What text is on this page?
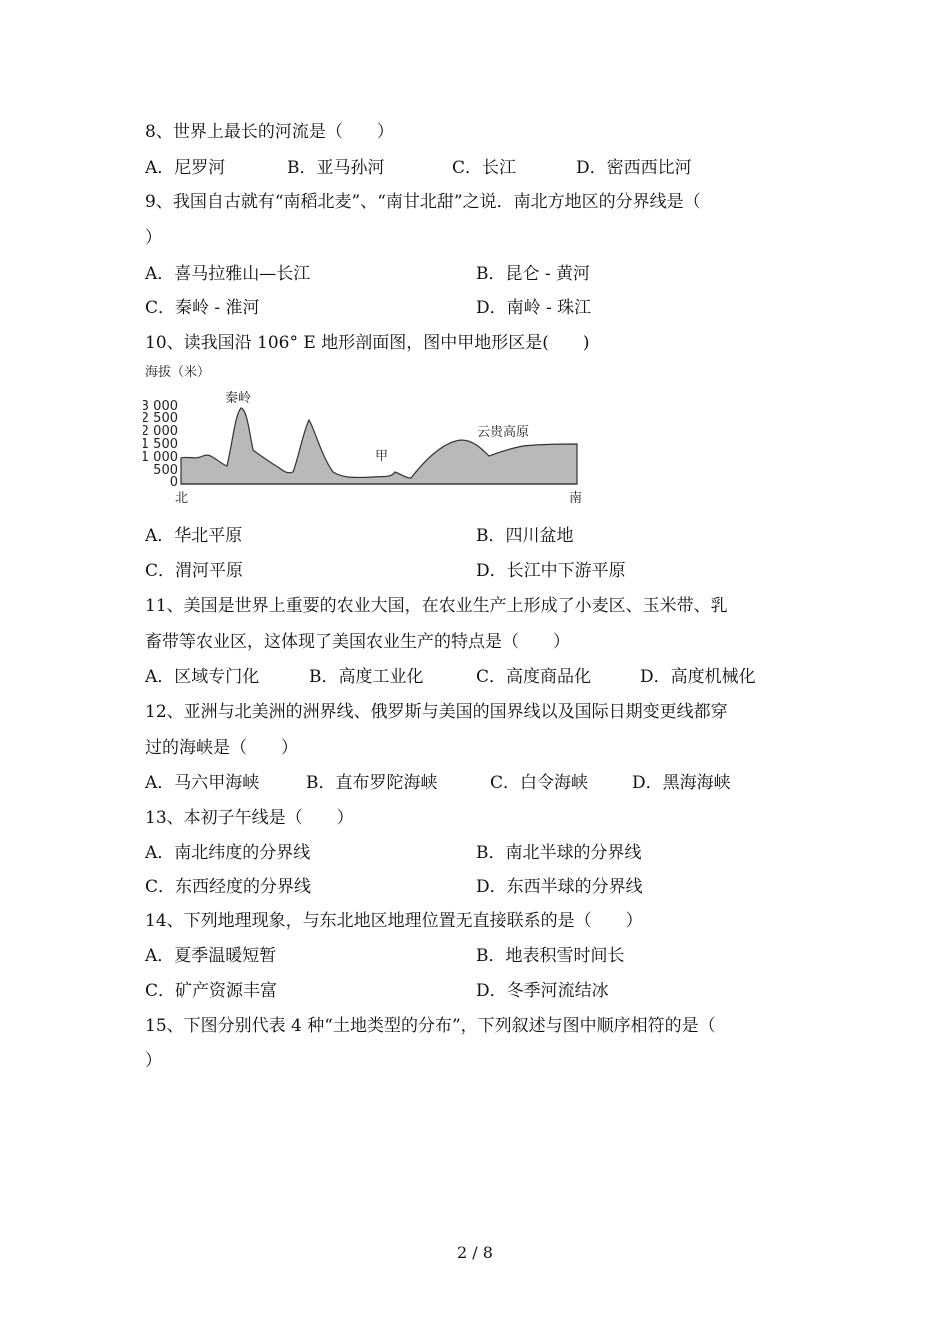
8、世界上最长的河流是（　　）
A．尼罗河	B．亚马孙河	C．长江	D．密西西比河
9、我国自古就有“南稻北麦”、“南甘北甜”之说．南北方地区的分界线是（
）
A．喜马拉雅山—长江	B．昆仑 - 黄河
C．秦岭 - 淮河	D．南岭 - 珠江
10、读我国沿 106° E 地形剖面图，图中甲地形区是(　　)
海拔（米）
3 000
2 500
2 000
1 500
1 000
500
0
秦岭
甲
云贵高原
北	南
A．华北平原	B．四川盆地
C．渭河平原	D．长江中下游平原
11、美国是世界上重要的农业大国，在农业生产上形成了小麦区、玉米带、乳
畜带等农业区，这体现了美国农业生产的特点是（　　）
A．区域专门化	B．高度工业化	C．高度商品化	D．高度机械化
12、亚洲与北美洲的洲界线、俄罗斯与美国的国界线以及国际日期变更线都穿
过的海峡是（　　）
A．马六甲海峡	B．直布罗陀海峡	C．白令海峡	D．黑海海峡
13、本初子午线是（　　）
A．南北纬度的分界线	B．南北半球的分界线
C．东西经度的分界线	D．东西半球的分界线
14、下列地理现象，与东北地区地理位置无直接联系的是（　　）
A．夏季温暖短暂	B．地表积雪时间长
C．矿产资源丰富	D．冬季河流结冰
15、下图分别代表 4 种“土地类型的分布”，下列叙述与图中顺序相符的是（
）
2 / 8
